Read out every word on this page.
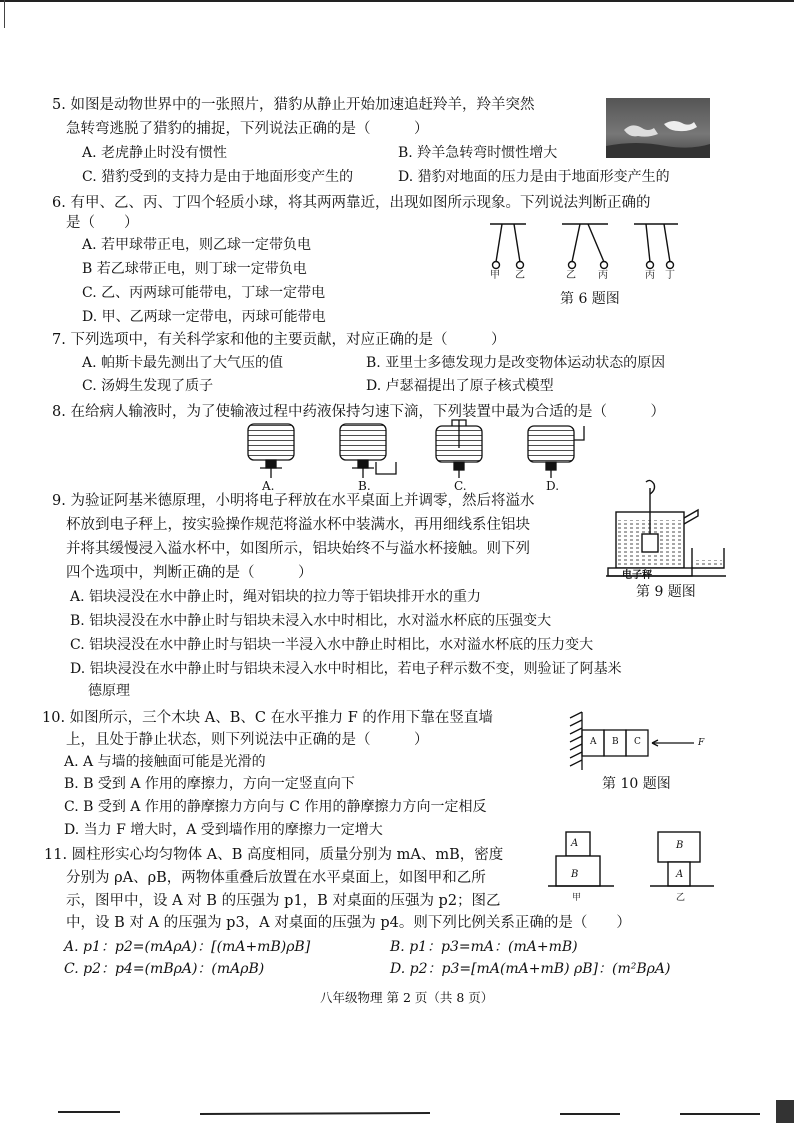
5. 如图是动物世界中的一张照片，猎豹从静止开始加速追赶羚羊，羚羊突然
急转弯逃脱了猎豹的捕捉，下列说法正确的是（　　　）
A. 老虎静止时没有惯性	B. 羚羊急转弯时惯性增大
C. 猎豹受到的支持力是由于地面形变产生的	D. 猎豹对地面的压力是由于地面形变产生的
6. 有甲、乙、丙、丁四个轻质小球，将其两两靠近，出现如图所示现象。下列说法判断正确的
是（　　）
A. 若甲球带正电，则乙球一定带负电
B 若乙球带正电，则丁球一定带负电
C. 乙、丙两球可能带电，丁球一定带电
D. 甲、乙两球一定带电，丙球可能带电
甲 乙	乙 丙	丙 丁
第 6 题图
7. 下列选项中，有关科学家和他的主要贡献，对应正确的是（　　　）
A. 帕斯卡最先测出了大气压的值	B. 亚里士多德发现力是改变物体运动状态的原因
C. 汤姆生发现了质子	D. 卢瑟福提出了原子核式模型
8. 在给病人输液时，为了使输液过程中药液保持匀速下滴，下列装置中最为合适的是（　　　）
A.	B.	C.	D.
9. 为验证阿基米德原理，小明将电子秤放在水平桌面上并调零，然后将溢水
杯放到电子秤上，按实验操作规范将溢水杯中装满水，再用细线系住铝块
并将其缓慢浸入溢水杯中，如图所示，铝块始终不与溢水杯接触。则下列
四个选项中，判断正确的是（　　　）
A. 铝块浸没在水中静止时，绳对铝块的拉力等于铝块排开水的重力
B. 铝块浸没在水中静止时与铝块未浸入水中时相比，水对溢水杯底的压强变大
C. 铝块浸没在水中静止时与铝块一半浸入水中静止时相比，水对溢水杯底的压力变大
D. 铝块浸没在水中静止时与铝块未浸入水中时相比，若电子秤示数不变，则验证了阿基米
德原理
电子秤
第 9 题图
10. 如图所示，三个木块 A、B、C 在水平推力 F 的作用下靠在竖直墙
上，且处于静止状态，则下列说法中正确的是（　　　）
A. A 与墙的接触面可能是光滑的
B. B 受到 A 作用的摩擦力，方向一定竖直向下
C. B 受到 A 作用的静摩擦力方向与 C 作用的静摩擦力方向一定相反
D. 当力 F 增大时，A 受到墙作用的摩擦力一定增大
A B C	F
第 10 题图
11. 圆柱形实心均匀物体 A、B 高度相同，质量分别为 mA、mB，密度
分别为 ρA、ρB，两物体重叠后放置在水平桌面上，如图甲和乙所
示，图甲中，设 A 对 B 的压强为 p1，B 对桌面的压强为 p2；图乙
中，设 B 对 A 的压强为 p3，A 对桌面的压强为 p4。则下列比例关系正确的是（　　）
A. p1：p2=(mAρA)：[(mA+mB)ρB]	B. p1：p3=mA：(mA+mB)
C. p2：p4=(mBρA)：(mAρB)	D. p2：p3=[mA(mA+mB) ρB]：(m²BρA)
A
B
甲
B
A
乙
八年级物理 第 2 页（共 8 页）
